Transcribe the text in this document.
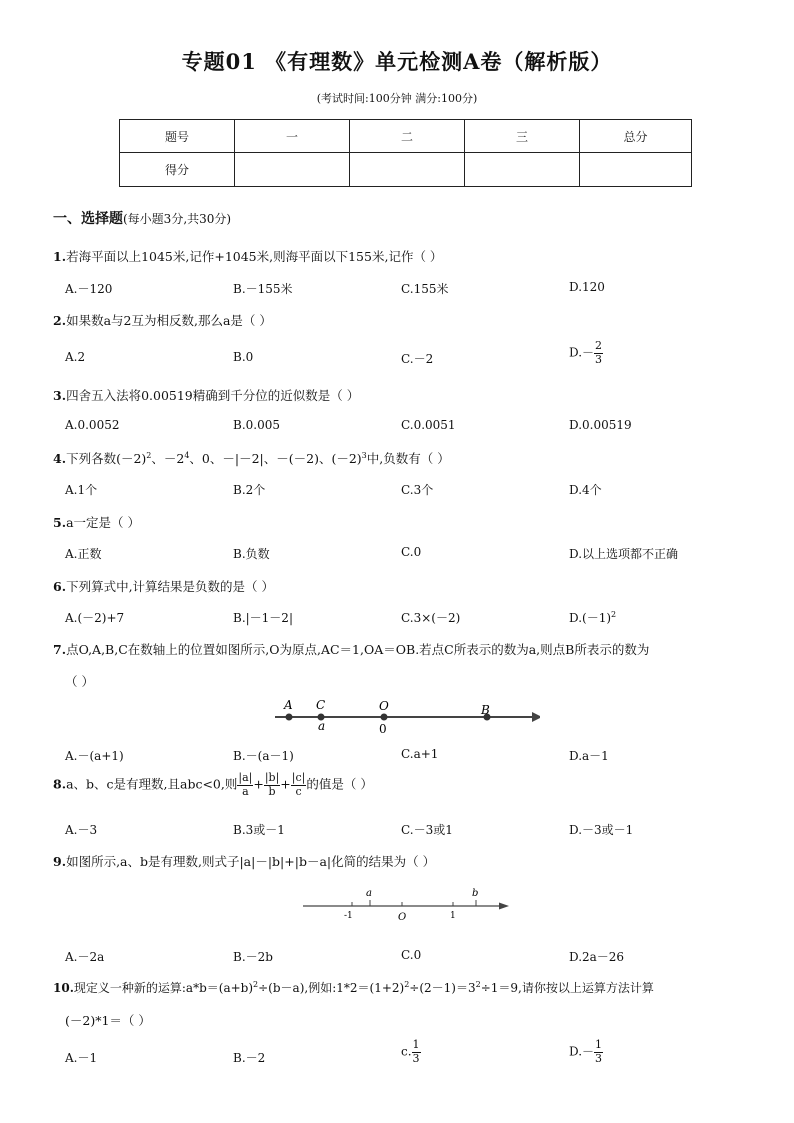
专题01 《有理数》单元检测A卷（解析版）
(考试时间:100分钟 满分:100分)
题号	一	二	三	总分
得分				
一、选择题(每小题3分,共30分)
1.若海平面以上1045米,记作+1045米,则海平面以下155米,记作（ ）
A.－120	B.－155米	C.155米	D.120
2.如果数a与2互为相反数,那么a是（ ）
A.2	B.0	C.－2	$D.- \frac{2}{3}$
3.四舍五入法将0.00519精确到千分位的近似数是（ ）
A.0.0052	B.0.005	C.0.0051	D.0.00519
4.下列各数$(-2)^2$、$-2^4$、0、－|－2|、－(－2)、$(-2)^3$中,负数有（ ）
A.1个	B.2个	C.3个	D.4个
5.a一定是（ ）
A.正数	B.负数	C.0	D.以上选项都不正确
6.下列算式中,计算结果是负数的是（ ）
A.(－2)+7	B.|－1－2|	C.3×(－2)	$D.(-1)^2$
7.点O,A,B,C在数轴上的位置如图所示,O为原点,AC＝1,OA＝OB.若点C所表示的数为a,则点B所表示的数为
（ ）
A C	O	B
a	0
A.－(a+1)	B.－(a－1)	C.a+1	D.a－1
8.a、b、c是有理数,且abc<0,则 $\frac{|a|}{a} + \frac{|b|}{b} + \frac{|c|}{c}$ 的值是（ ）
A.－3	B.3或－1	C.－3或1	D.－3或－1
9.如图所示,a、b是有理数,则式子|a|－|b|+|b－a|化简的结果为（ ）
a	b
-1	O	1
A.－2a	B.－2b	C.0	D.2a－26
10.现定义一种新的运算$:a*b=(a+b)^2\div(b-a)$,例如$:1*2=(1+2)^2\div(2-1)=3^2\div 1=9$,请你按以上运算方法计算
(－2)*1＝（ ）
A.－1	B.－2	c. $\frac{1}{3}$	$D.- \frac{1}{3}$
